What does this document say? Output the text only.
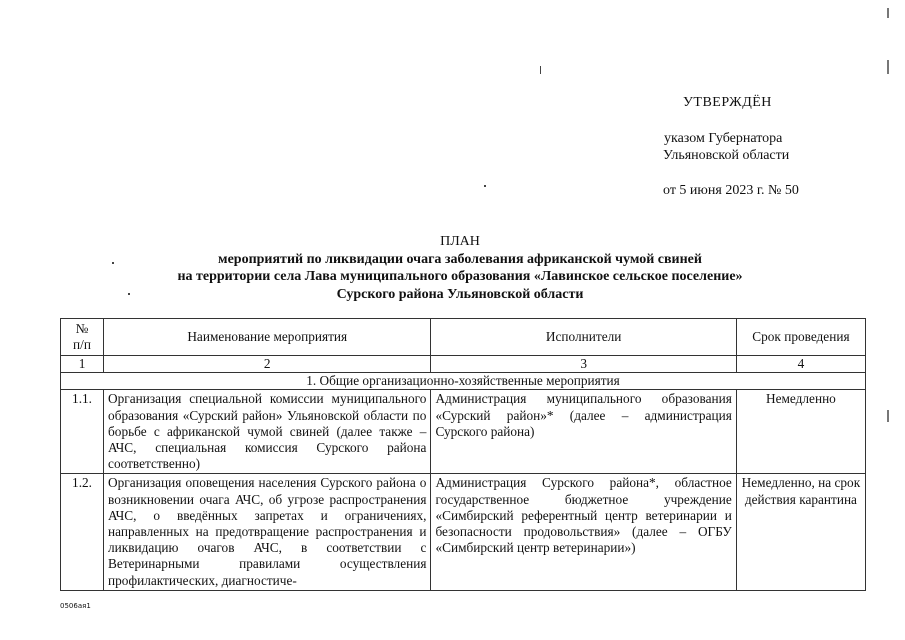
УТВЕРЖДЁН
указом Губернатора
Ульяновской области
от 5 июня 2023 г. № 50
ПЛАН
мероприятий по ликвидации очага заболевания африканской чумой свиней
на территории села Лава муниципального образования «Лавинское сельское поселение»
Сурского района Ульяновской области
№
п/п	Наименование мероприятия	Исполнители	Срок проведения
1	2	3	4
1. Общие организационно-хозяйственные мероприятия			
1.1.	Организация специальной комиссии муниципального образования «Сурский район» Ульяновской области по борьбе с африканской чумой свиней (далее также – АЧС, специальная комиссия Сурского района соответственно)	Администрация муниципального образования «Сурский район»* (далее – администрация Сурского района)	Немедленно
1.2.	Организация оповещения населения Сурского района о возникновении очага АЧС, об угрозе распространения АЧС, о введённых запретах и ограничениях, направленных на предотвращение распространения и ликвидацию очагов АЧС, в соответствии с Ветеринарными правилами осуществления профилактических, диагностиче-	Администрация Сурского района*, областное государственное бюджетное учреждение «Симбирский референтный центр ветеринарии и безопасности продовольствия» (далее – ОГБУ «Симбирский центр ветеринарии»)	Немедленно, на срок действия карантина
0506ая1
